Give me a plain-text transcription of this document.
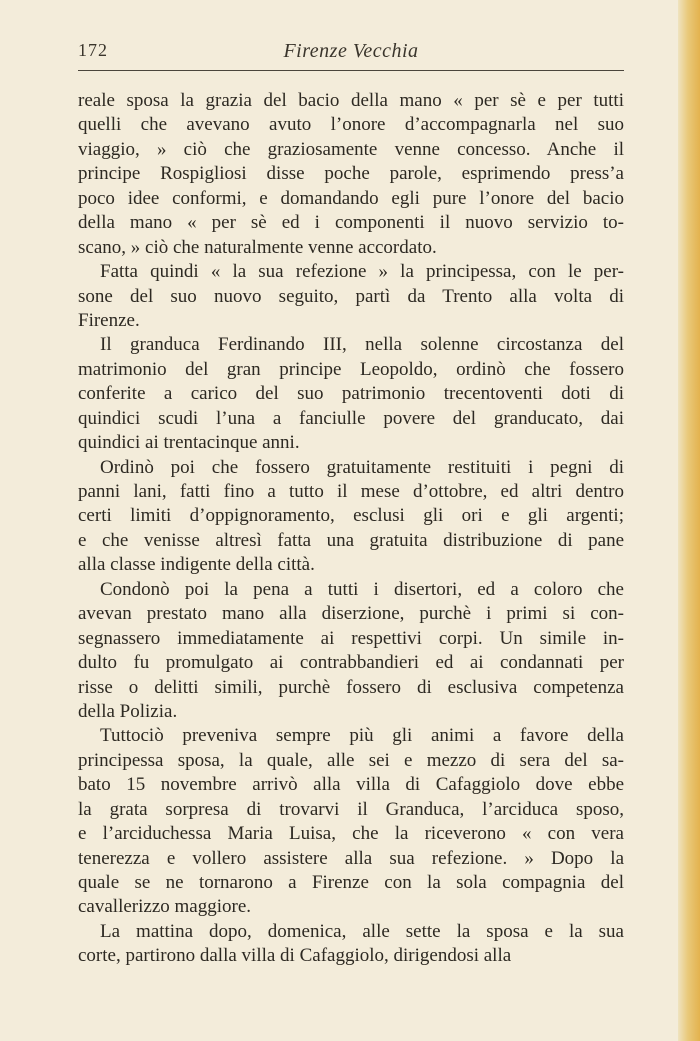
172	Firenze Vecchia
reale sposa la grazia del bacio della mano « per sè e per tutti
quelli che avevano avuto l’onore d’accompagnarla nel suo
viaggio, » ciò che graziosamente venne concesso. Anche il
principe Rospigliosi disse poche parole, esprimendo press’a
poco idee conformi, e domandando egli pure l’onore del bacio
della mano « per sè ed i componenti il nuovo servizio to-
scano, » ciò che naturalmente venne accordato.
Fatta quindi « la sua refezione » la principessa, con le per-
sone del suo nuovo seguito, partì da Trento alla volta di
Firenze.
Il granduca Ferdinando III, nella solenne circostanza del
matrimonio del gran principe Leopoldo, ordinò che fossero
conferite a carico del suo patrimonio trecentoventi doti di
quindici scudi l’una a fanciulle povere del granducato, dai
quindici ai trentacinque anni.
Ordinò poi che fossero gratuitamente restituiti i pegni di
panni lani, fatti fino a tutto il mese d’ottobre, ed altri dentro
certi limiti d’oppignoramento, esclusi gli ori e gli argenti;
e che venisse altresì fatta una gratuita distribuzione di pane
alla classe indigente della città.
Condonò poi la pena a tutti i disertori, ed a coloro che
avevan prestato mano alla diserzione, purchè i primi si con-
segnassero immediatamente ai respettivi corpi. Un simile in-
dulto fu promulgato ai contrabbandieri ed ai condannati per
risse o delitti simili, purchè fossero di esclusiva competenza
della Polizia.
Tuttociò preveniva sempre più gli animi a favore della
principessa sposa, la quale, alle sei e mezzo di sera del sa-
bato 15 novembre arrivò alla villa di Cafaggiolo dove ebbe
la grata sorpresa di trovarvi il Granduca, l’arciduca sposo,
e l’arciduchessa Maria Luisa, che la riceverono « con vera
tenerezza e vollero assistere alla sua refezione. » Dopo la
quale se ne tornarono a Firenze con la sola compagnia del
cavallerizzo maggiore.
La mattina dopo, domenica, alle sette la sposa e la sua
corte, partirono dalla villa di Cafaggiolo, dirigendosi alla
